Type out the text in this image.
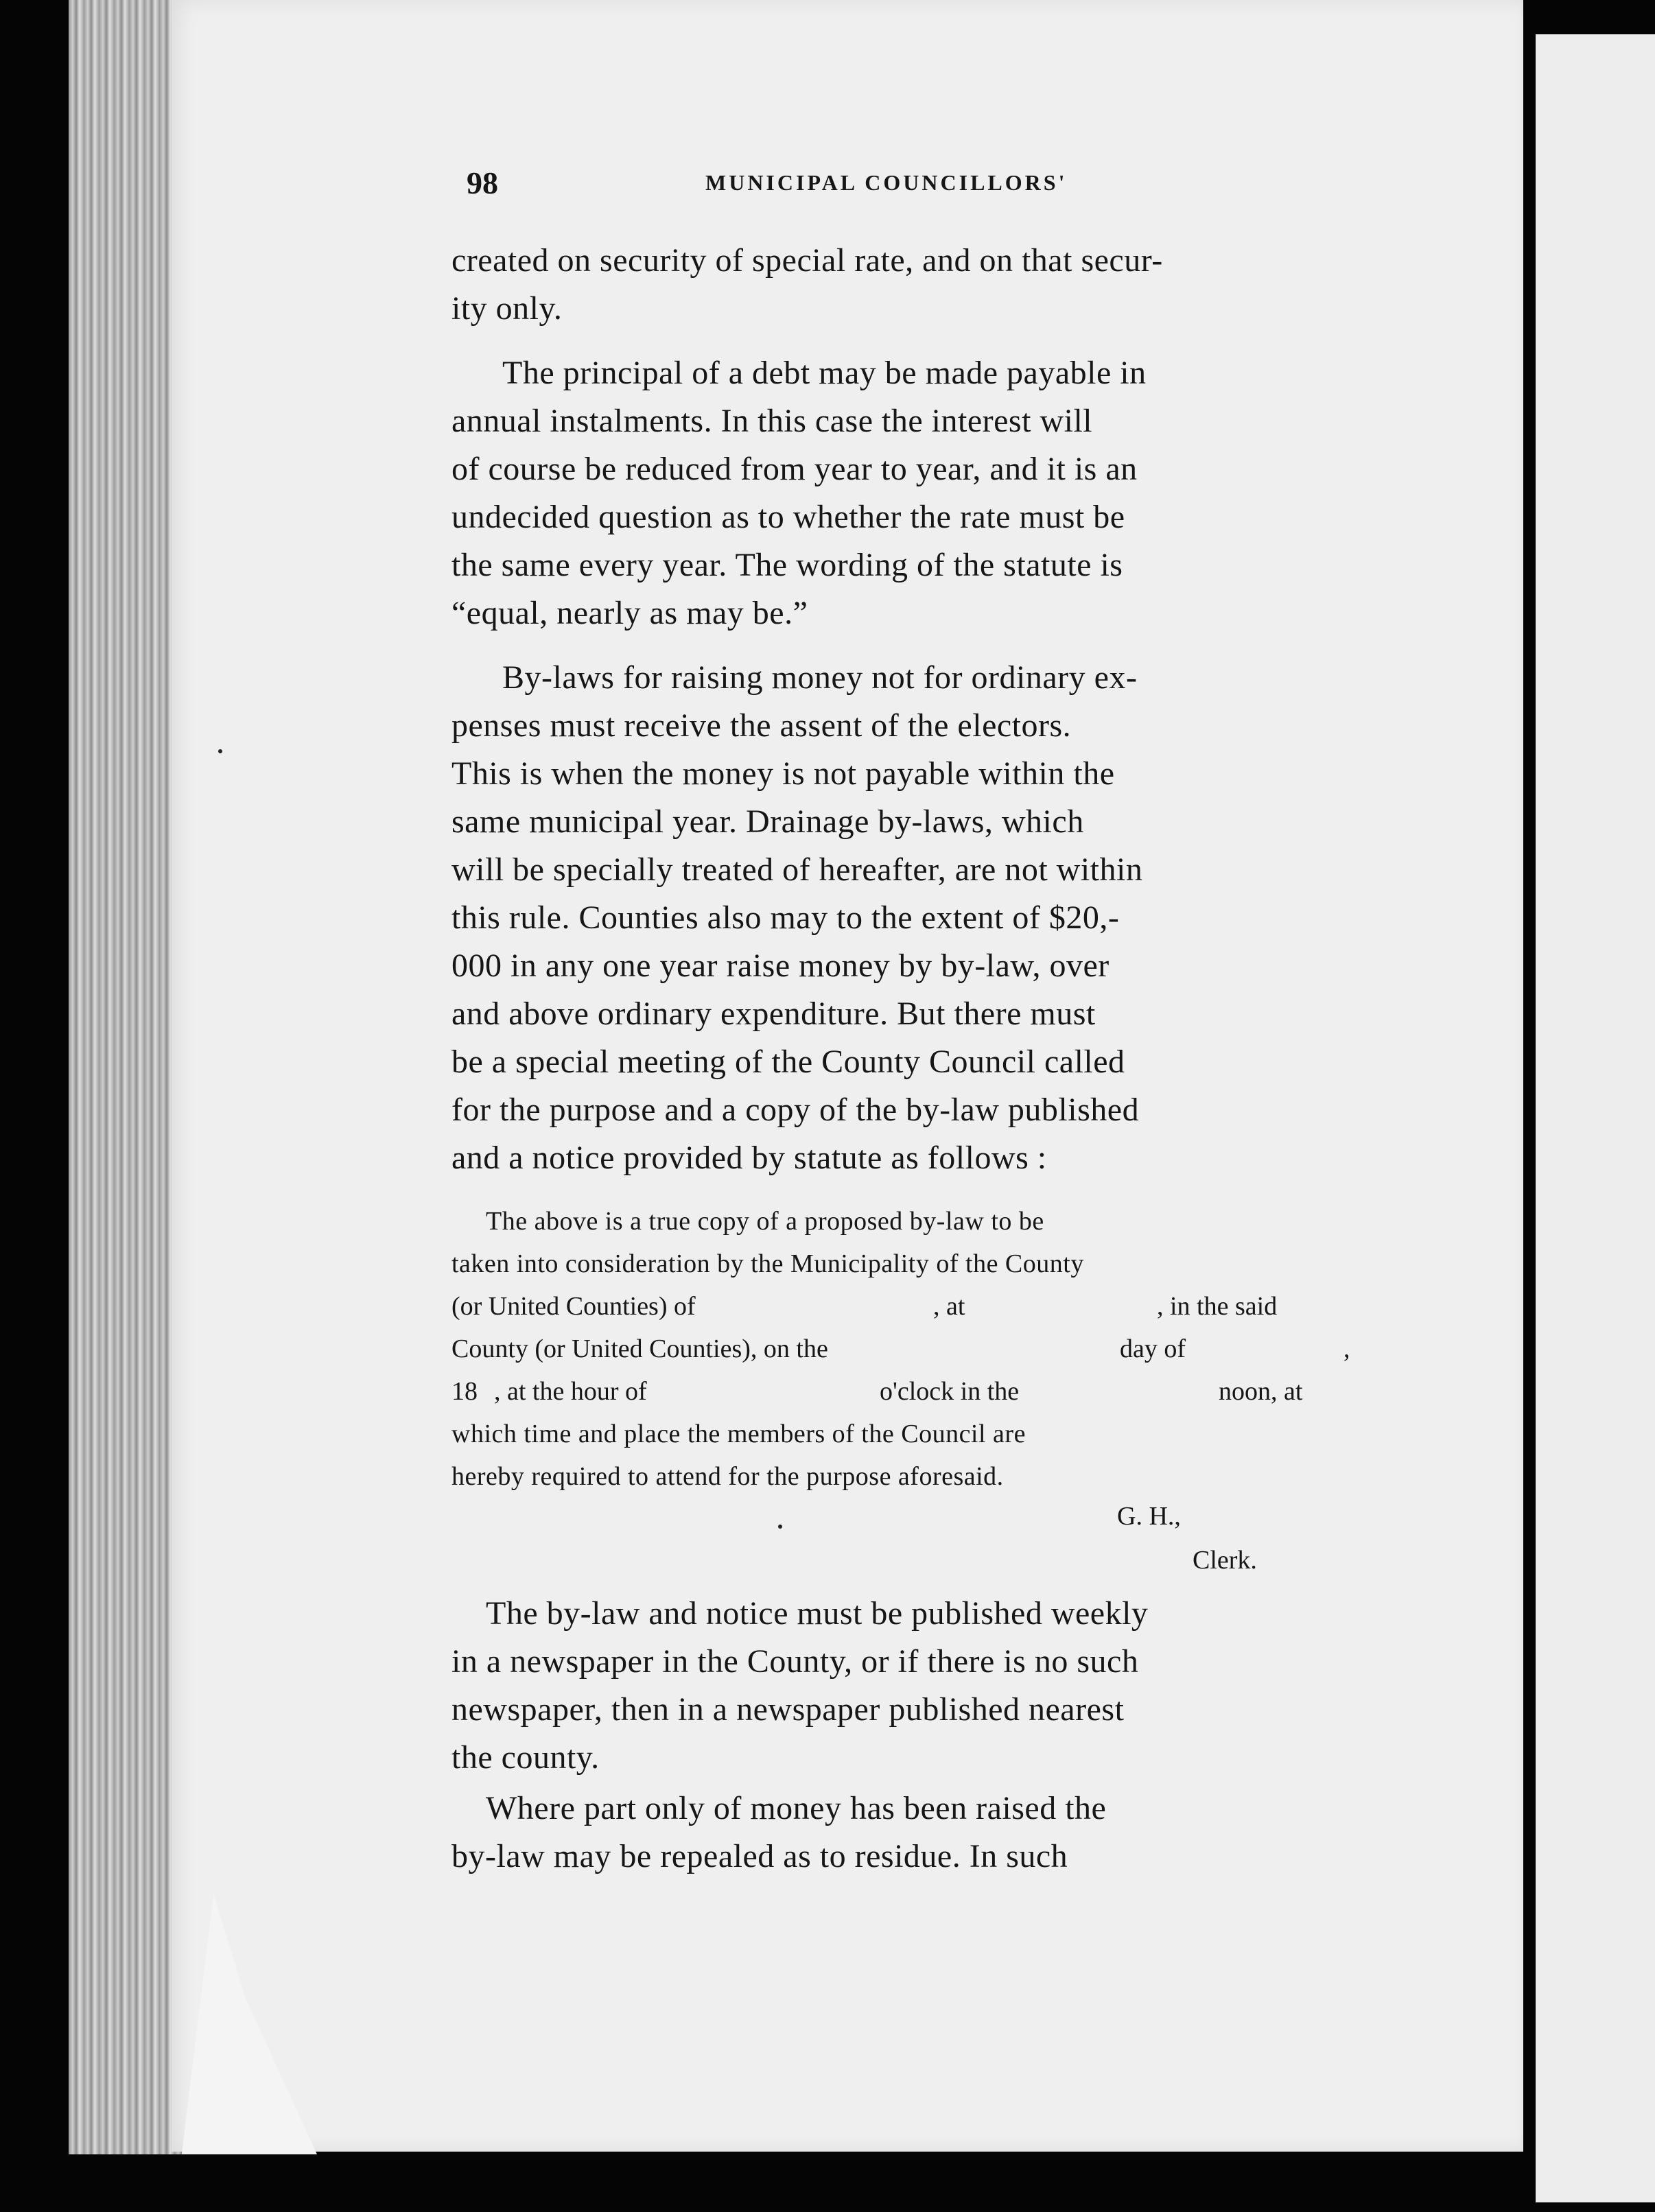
98	MUNICIPAL COUNCILLORS'
created on security of special rate, and on that secur-
ity only.
The principal of a debt may be made payable in
annual instalments. In this case the interest will
of course be reduced from year to year, and it is an
undecided question as to whether the rate must be
the same every year. The wording of the statute is
“equal, nearly as may be.”
By-laws for raising money not for ordinary ex-
penses must receive the assent of the electors.
This is when the money is not payable within the
same municipal year. Drainage by-laws, which
will be specially treated of hereafter, are not within
this rule. Counties also may to the extent of $20,-
000 in any one year raise money by by-law, over
and above ordinary expenditure. But there must
be a special meeting of the County Council called
for the purpose and a copy of the by-law published
and a notice provided by statute as follows :
The above is a true copy of a proposed by-law to be
taken into consideration by the Municipality of the County
(or United Counties) of	, at	, in the said
County (or United Counties), on the	day of	,
18 , at the hour of	o'clock in the	noon, at
which time and place the members of the Council are
hereby required to attend for the purpose aforesaid.
G. H.,
Clerk.
The by-law and notice must be published weekly
in a newspaper in the County, or if there is no such
newspaper, then in a newspaper published nearest
the county.
Where part only of money has been raised the
by-law may be repealed as to residue. In such
